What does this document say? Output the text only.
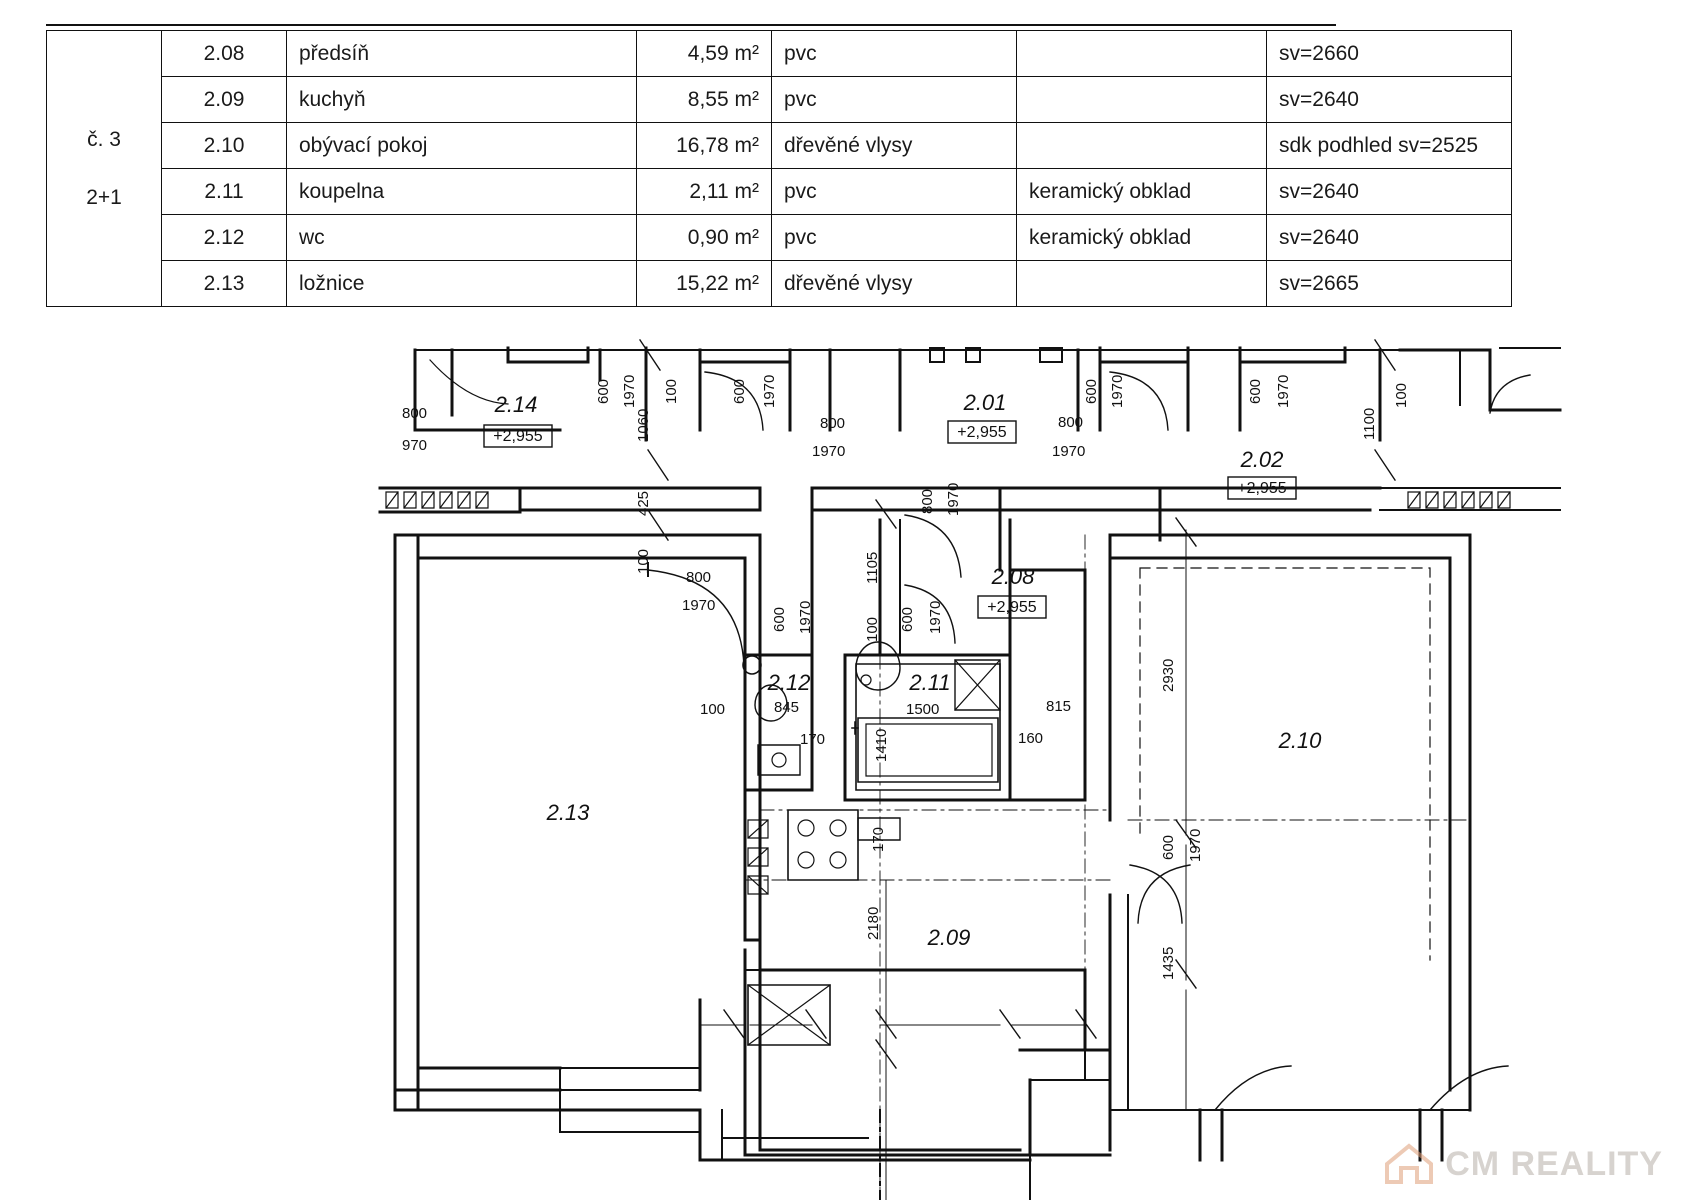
č. 3
2+1	2.08	předsíň	4,59 m²	pvc		sv=2660
	2.09	kuchyň	8,55 m²	pvc		sv=2640
	2.10	obývací pokoj	16,78 m²	dřevěné vlysy		sdk podhled sv=2525
	2.11	koupelna	2,11 m²	pvc	keramický obklad	sv=2640
	2.12	wc	0,90 m²	pvc	keramický obklad	sv=2640
	2.13	ložnice	15,22 m²	dřevěné vlysy		sv=2665
2.14	2.01
2.02
2.08
2.12	2.11
2.10
2.13
2.09
+2,955	+2,955
+2,955
+2,955
800
970
800
1970
800
1970
800
1970
100	845
170
1500	815
160
600 1970 100
1060
600 1970	600 1970	600 1970
1100
100
425
100
800 1970
600 1970
1105
100 600 1970
1410
2930
600 1970
1435
170
2180
CM REALITY
